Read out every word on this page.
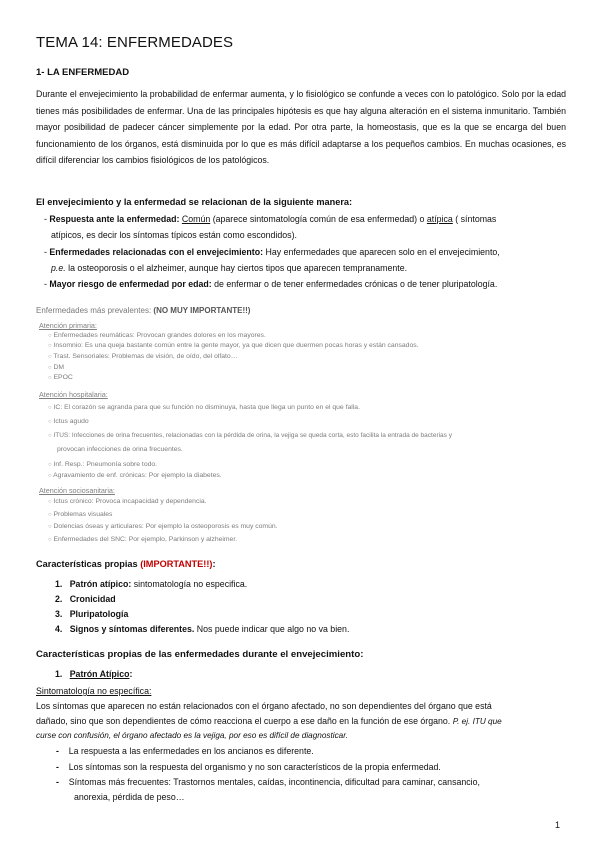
TEMA 14: ENFERMEDADES
1- LA ENFERMEDAD
Durante el envejecimiento la probabilidad de enfermar aumenta, y lo fisiológico se confunde a veces con lo patológico. Solo por la edad tienes más posibilidades de enfermar. Una de las principales hipótesis es que hay alguna alteración en el sistema inmunitario. También mayor posibilidad de padecer cáncer simplemente por la edad. Por otra parte, la homeostasis, que es la que se encarga del buen funcionamiento de los órganos, está disminuida por lo que es más difícil adaptarse a los pequeños cambios. En muchas ocasiones, es difícil diferenciar los cambios fisiológicos de los patológicos.
El envejecimiento y la enfermedad se relacionan de la siguiente manera:
- Respuesta ante la enfermedad: Común (aparece sintomatología común de esa enfermedad) o atípica ( síntomas
atípicos, es decir los síntomas típicos están como escondidos).
- Enfermedades relacionadas con el envejecimiento: Hay enfermedades que aparecen solo en el envejecimiento,
p.e. la osteoporosis o el alzheimer, aunque hay ciertos tipos que aparecen tempranamente.
- Mayor riesgo de enfermedad por edad: de enfermar o de tener enfermedades crónicas o de tener pluripatología.
Enfermedades más prevalentes: (NO MUY IMPORTANTE!!)
Atención primaria:
○ Enfermedades reumáticas: Provocan grandes dolores en los mayores.
○ Insomnio: Es una queja bastante común entre la gente mayor, ya que dicen que duermen pocas horas y están cansados.
○ Trast. Sensoriales: Problemas de visión, de oído, del olfato…
○ DM
○ EPOC
Atención hospitalaria:
○ IC: El corazón se agranda para que su función no disminuya, hasta que llega un punto en el que falla.
○ Ictus agudo
○ ITUS: Infecciones de orina frecuentes, relacionadas con la pérdida de orina, la vejiga se queda corta, esto facilita la entrada de bacterias y
provocan infecciones de orina frecuentes.
○ Inf. Resp.: Pneumonía sobre todo.
○ Agravamiento de enf. crónicas: Por ejemplo la diabetes.
Atención sociosanitaria:
○ Ictus crónico: Provoca incapacidad y dependencia.
○ Problemas visuales
○ Dolencias óseas y articulares: Por ejemplo la osteoporosis es muy común.
○ Enfermedades del SNC: Por ejemplo, Parkinson y alzheimer.
Características propias (IMPORTANTE!!):
1. Patrón atípico: sintomatología no especifica.
2. Cronicidad
3. Pluripatología
4. Signos y síntomas diferentes. Nos puede indicar que algo no va bien.
Características propias de las enfermedades durante el envejecimiento:
1. Patrón Atípico:
Sintomatología no específica:
Los síntomas que aparecen no están relacionados con el órgano afectado, no son dependientes del órgano que está
dañado, sino que son dependientes de cómo reacciona el cuerpo a ese daño en la función de ese órgano. P. ej. ITU que
curse con confusión, el órgano afectado es la vejiga, por eso es difícil de diagnosticar.
- La respuesta a las enfermedades en los ancianos es diferente.
- Los síntomas son la respuesta del organismo y no son característicos de la propia enfermedad.
- Síntomas más frecuentes: Trastornos mentales, caídas, incontinencia, dificultad para caminar, cansancio,
anorexia, pérdida de peso…
1
